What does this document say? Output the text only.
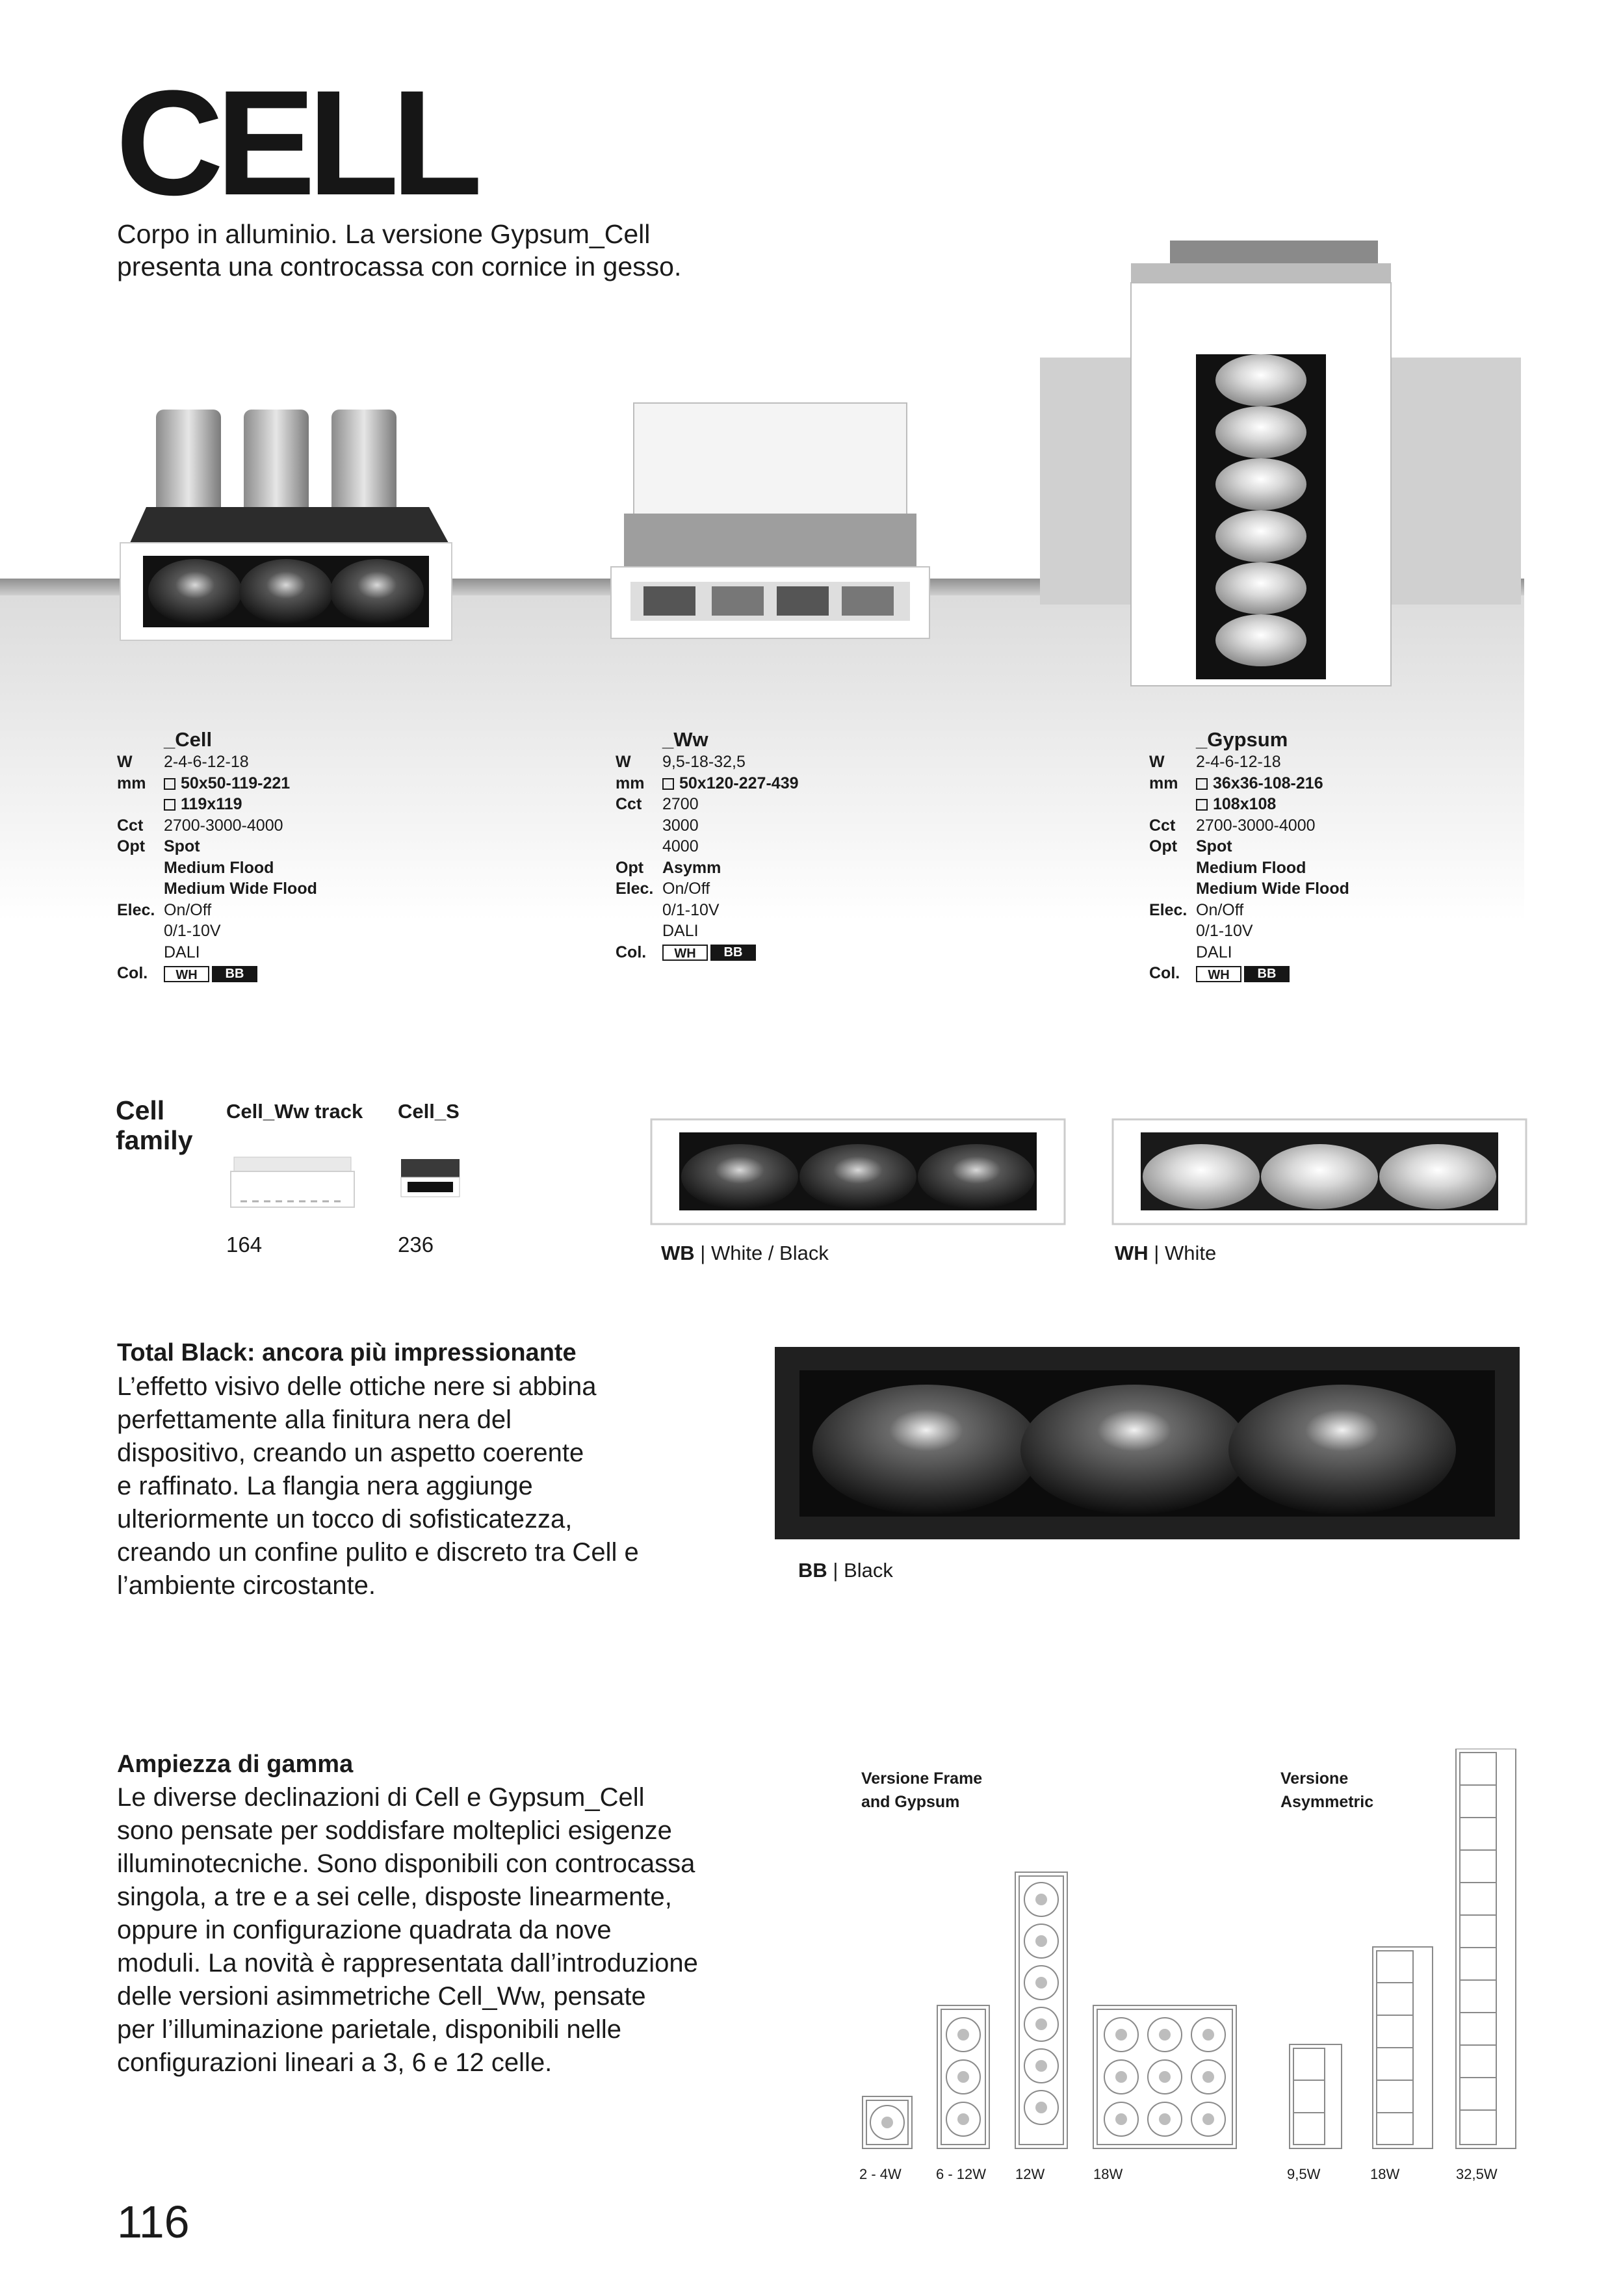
CELL
Corpo in alluminio. La versione Gypsum_Cell
presenta una controcassa con cornice in gesso.
_Cell
W	2-4-6-12-18
mm	50x50-119-221
119x119
Cct	2700-3000-4000
Opt	Spot
Medium Flood
Medium Wide Flood
Elec. On/Off
0/1-10V
DALI
Col.	WH BB
_Ww
W	9,5-18-32,5
mm	50x120-227-439
Cct	2700
3000
4000
Opt	Asymm
Elec. On/Off
0/1-10V
DALI
Col.	WH BB
_Gypsum
W	2-4-6-12-18
mm	36x36-108-216
108x108
Cct	2700-3000-4000
Opt	Spot
Medium Flood
Medium Wide Flood
Elec. On/Off
0/1-10V
DALI
Col.	WH BB
Cell
family
Cell_Ww track Cell_S
164	236	WB | White / Black	WH | White
Total Black: ancora più impressionante
L’effetto visivo delle ottiche nere si abbina
perfettamente alla finitura nera del
dispositivo, creando un aspetto coerente
e raffinato. La flangia nera aggiunge
ulteriormente un tocco di sofisticatezza,
creando un confine pulito e discreto tra Cell e
l’ambiente circostante.
BB | Black
Ampiezza di gamma
Le diverse declinazioni di Cell e Gypsum_Cell
sono pensate per soddisfare molteplici esigenze
illuminotecniche. Sono disponibili con controcassa
singola, a tre e a sei celle, disposte linearmente,
oppure in configurazione quadrata da nove
moduli. La novità è rappresentata dall’introduzione
delle versioni asimmetriche Cell_Ww, pensate
per l’illuminazione parietale, disponibili nelle
configurazioni lineari a 3, 6 e 12 celle.
Versione Frame
and Gypsum
Versione
Asymmetric
2 - 4W 6 - 12W 12W	18W	9,5W	18W	32,5W
116
